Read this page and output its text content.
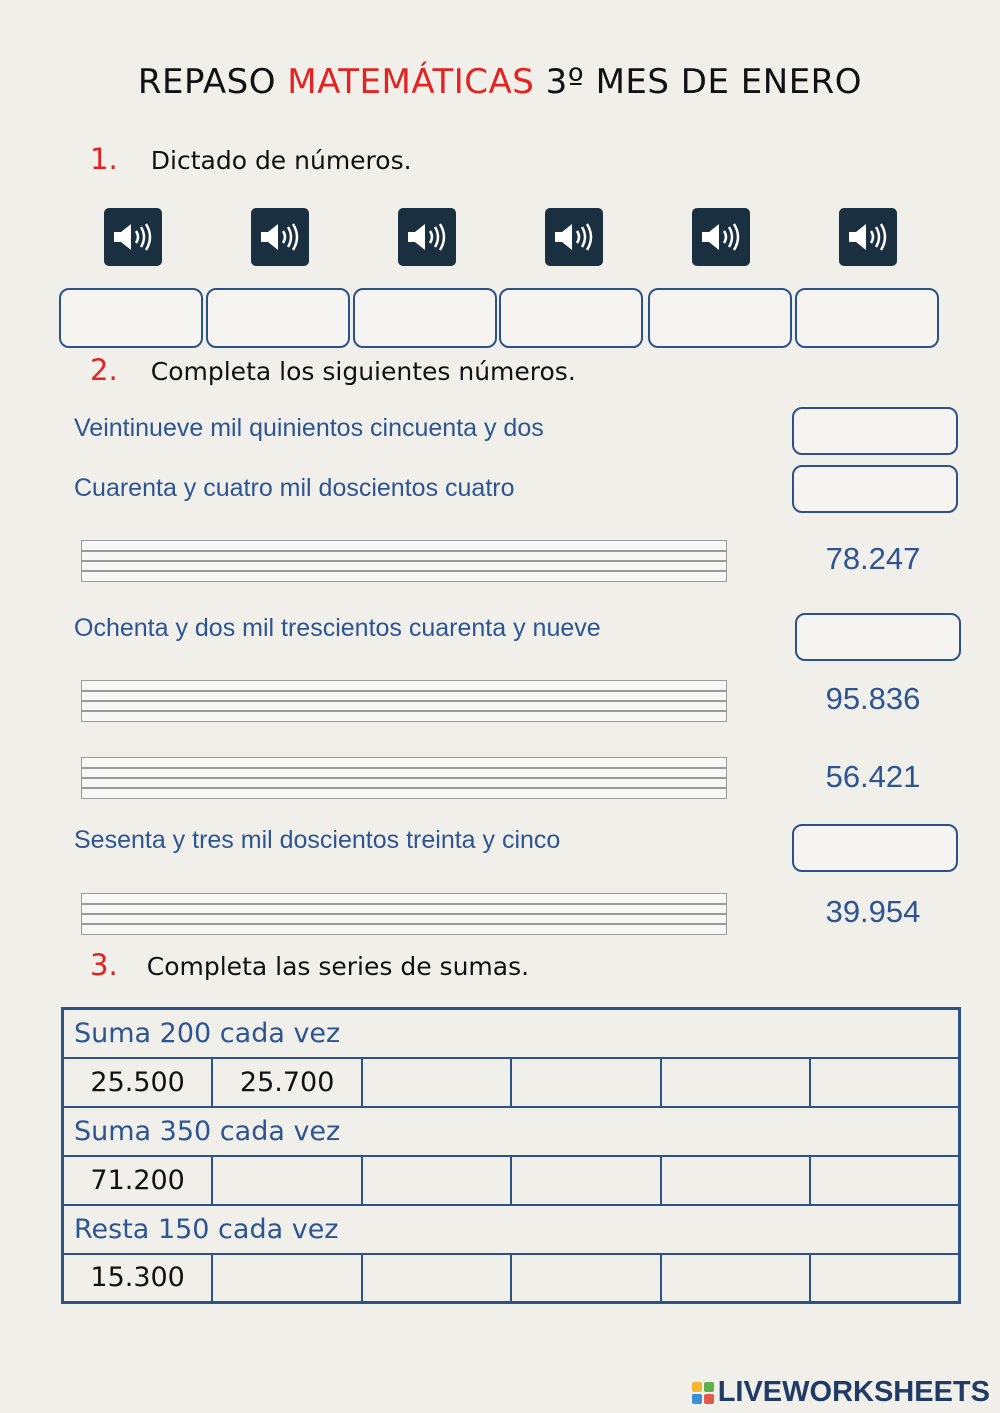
REPASO MATEMÁTICAS 3º MES DE ENERO
1. Dictado de números.
2. Completa los siguientes números.
Veintinueve mil quinientos cincuenta y dos
Cuarenta y cuatro mil doscientos cuatro
78.247
Ochenta y dos mil trescientos cuarenta y nueve
95.836
56.421
Sesenta y tres mil doscientos treinta y cinco
39.954
3. Completa las series de sumas.
Suma 200 cada vez					
25.500	25.700				
Suma 350 cada vez					
71.200					
Resta 150 cada vez					
15.300					
LIVEWORKSHEETS
